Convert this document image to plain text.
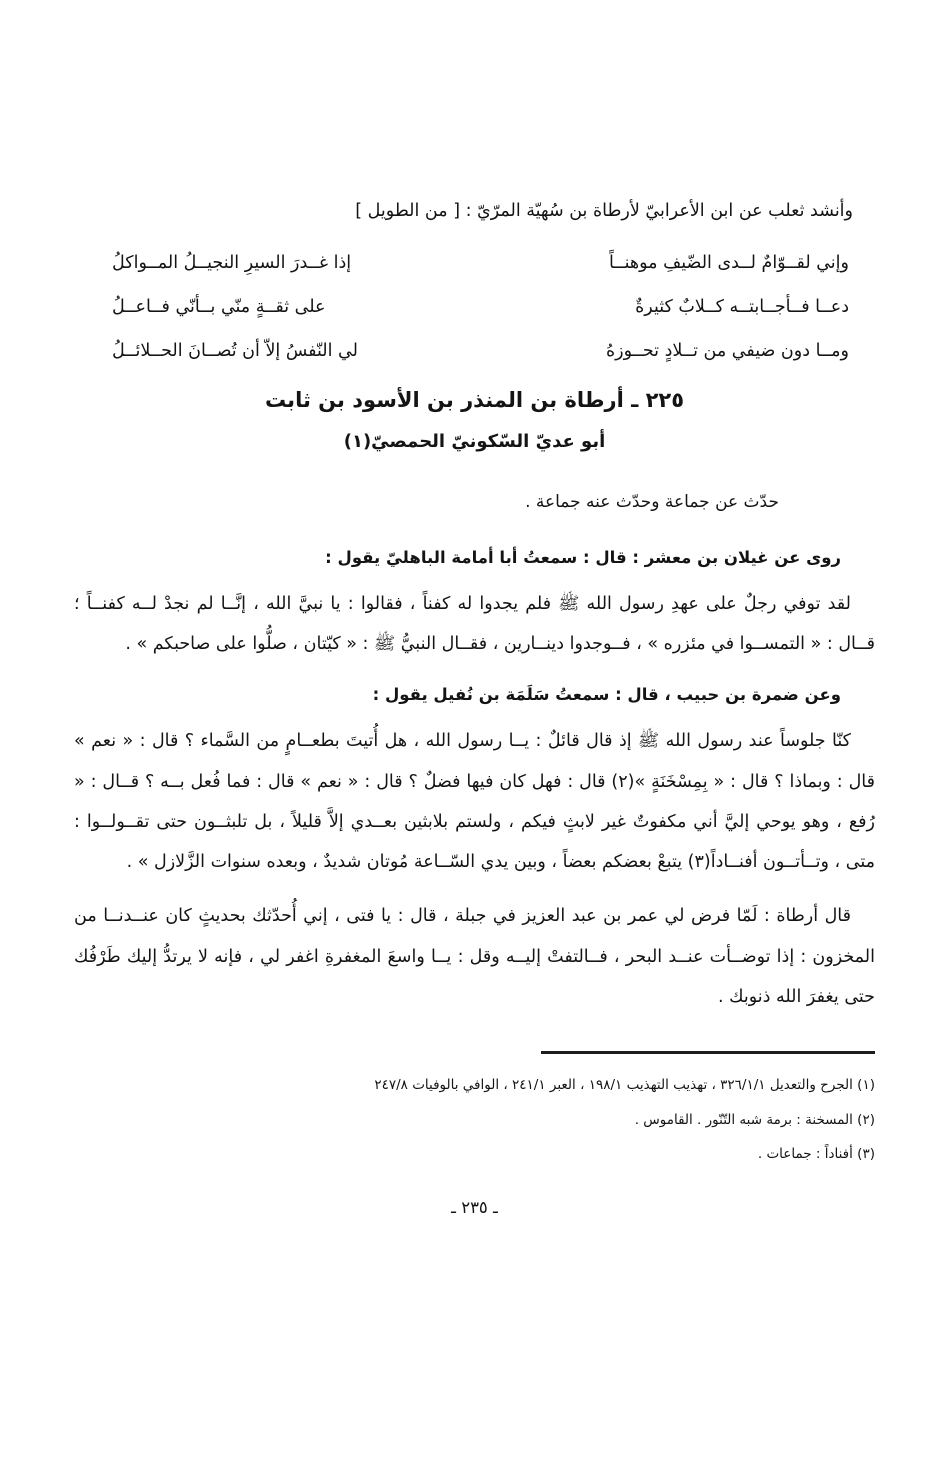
وأنشد ثعلب عن ابن الأعرابيّ لأرطاة بن سُهيّة المرّيّ : [ من الطويل ]

وإني لقــوّامٌ لــدى الضّيفِ موهنــاً
إذا غــدرَ السيرِ النجيــلُ المــواكلُ
دعــا فــأجــابتــه كــلابٌ كثيرةٌ
على ثقــةٍ منّي بــأنّي فــاعــلُ
ومــا دون ضيفي من تــلادٍ تحــوزهُ
لي النّفسُ إلاّ أن تُصــانَ الحــلائــلُ
٢٢٥ ـ أرطاة بن المنذر بن الأسود بن ثابت
أبو عديّ السّكونيّ الحمصيّ(١)

حدّث عن جماعة وحدّث عنه جماعة .

روى عن غيلان بن معشر : قال : سمعتُ أبا أمامة الباهليّ يقول :

لقد توفي رجلٌ على عهدِ رسول الله ﷺ فلم يجدوا له كفناً ، فقالوا : يا نبيَّ الله ، إنَّــا لم نجدْ لــه كفنــاً ؛ قــال : « التمســوا في مئزره » ، فــوجدوا دينــارين ، فقــال النبيُّ ﷺ : « كيّتان ، صلُّوا على صاحبكم » .

وعن ضمرة بن حبيب ، قال : سمعتُ سَلَمَة بن نُفيل يقول :

كنّا جلوساً عند رسول الله ﷺ إذ قال قائلٌ : يــا رسول الله ، هل أُتيتَ بطعــامٍ من السَّماء ؟ قال : « نعم » قال : وبماذا ؟ قال : « بِمِسْخَنَةٍ »(٢) قال : فهل كان فيها فضلٌ ؟ قال : « نعم » قال : فما فُعل بــه ؟ قــال : « رُفع ، وهو يوحي إليَّ أني مكفوتٌ غير لابثٍ فيكم ، ولستم بلابثين بعــدي إلاَّ قليلاً ، بل تلبثــون حتى تقــولــوا : متى ، وتــأتــون أفنــاداً(٣) يتبعْ بعضكم بعضاً ، وبين يدي السّــاعة مُوتان شديدٌ ، وبعده سنوات الزَّلازل » .

قال أرطاة : لَمّا فرض لي عمر بن عبد العزيز في جبلة ، قال : يا فتى ، إني أُحدّثك بحديثٍ كان عنــدنــا من المخزون : إذا توضــأت عنــد البحر ، فــالتفتْ إليــه وقل : يــا واسعَ المغفرةِ اغفر لي ، فإنه لا يرتدُّ إليك طَرْفُك حتى يغفرَ الله ذنوبك .

(١) الجرح والتعديل ٣٢٦/١/١ ، تهذيب التهذيب ١٩٨/١ ، العبر ٢٤١/١ ، الوافي بالوفيات ٢٤٧/٨
(٢) المسخنة : برمة شبه التّنّور . القاموس .
(٣) أفناداً : جماعات .
ـ ٢٣٥ ـ
